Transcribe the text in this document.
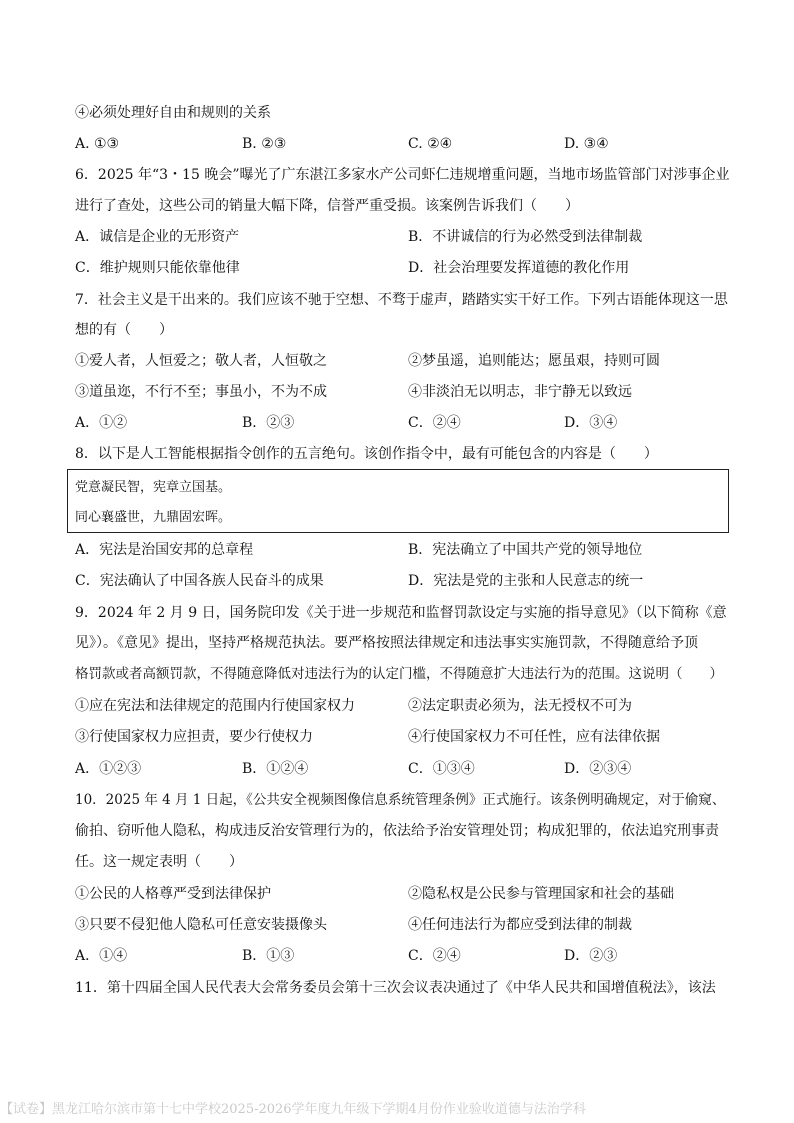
④必须处理好自由和规则的关系
A. ①③	B. ②③	C. ②④	D. ③④
6．2025 年“3・15 晚会”曝光了广东湛江多家水产公司虾仁违规增重问题，当地市场监管部门对涉事企业
进行了查处，这些公司的销量大幅下降，信誉严重受损。该案例告诉我们（　　）
A．诚信是企业的无形资产	B．不讲诚信的行为必然受到法律制裁
C．维护规则只能依靠他律	D．社会治理要发挥道德的教化作用
7．社会主义是干出来的。我们应该不驰于空想、不骛于虚声，踏踏实实干好工作。下列古语能体现这一思
想的有（　　）
①爱人者，人恒爱之；敬人者，人恒敬之	②梦虽遥，追则能达；愿虽艰，持则可圆
③道虽迩，不行不至；事虽小，不为不成	④非淡泊无以明志，非宁静无以致远
A．①②	B．②③	C．②④	D．③④
8．以下是人工智能根据指令创作的五言绝句。该创作指令中，最有可能包含的内容是（　　）
党意凝民智，宪章立国基。
同心襄盛世，九鼎固宏晖。
A．宪法是治国安邦的总章程	B．宪法确立了中国共产党的领导地位
C．宪法确认了中国各族人民奋斗的成果	D．宪法是党的主张和人民意志的统一
9．2024 年 2 月 9 日，国务院印发《关于进一步规范和监督罚款设定与实施的指导意见》（以下简称《意
见》）。《意见》提出，坚持严格规范执法。要严格按照法律规定和违法事实实施罚款，不得随意给予顶
格罚款或者高额罚款，不得随意降低对违法行为的认定门槛，不得随意扩大违法行为的范围。这说明（　　）
①应在宪法和法律规定的范围内行使国家权力	②法定职责必须为，法无授权不可为
③行使国家权力应担责，要少行使权力	④行使国家权力不可任性，应有法律依据
A．①②③	B．①②④	C．①③④	D．②③④
10．2025 年 4 月 1 日起，《公共安全视频图像信息系统管理条例》正式施行。该条例明确规定，对于偷窥、
偷拍、窃听他人隐私，构成违反治安管理行为的，依法给予治安管理处罚；构成犯罪的，依法追究刑事责
任。这一规定表明（　　）
①公民的人格尊严受到法律保护	②隐私权是公民参与管理国家和社会的基础
③只要不侵犯他人隐私可任意安装摄像头	④任何违法行为都应受到法律的制裁
A．①④	B．①③	C．②④	D．②③
11．第十四届全国人民代表大会常务委员会第十三次会议表决通过了《中华人民共和国增值税法》，该法
【试卷】黑龙江哈尔滨市第十七中学校2025-2026学年度九年级下学期4月份作业验收道德与法治学科
